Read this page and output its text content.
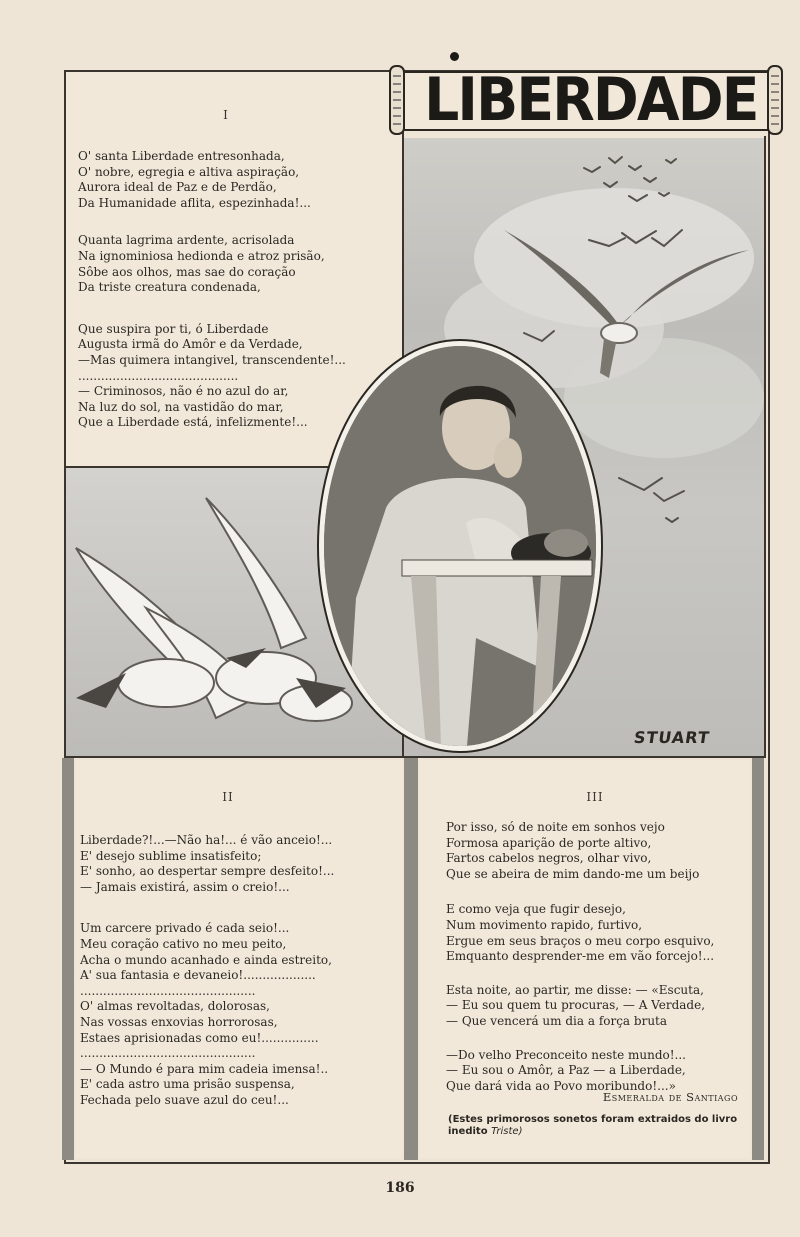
I
O' santa Liberdade entresonhada,
O' nobre, egregia e altiva aspiração,
Aurora ideal de Paz e de Perdão,
Da Humanidade aflita, espezinhada!...
Quanta lagrima ardente, acrisolada
Na ignominiosa hedionda e atroz prisão,
Sôbe aos olhos, mas sae do coração
Da triste creatura condenada,
Que suspira por ti, ó Liberdade
Augusta irmã do Amôr e da Verdade,
—Mas quimera intangivel, transcendente!...
..........................................
— Criminosos, não é no azul do ar,
Na luz do sol, na vastidão do mar,
Que a Liberdade está, infelizmente!...
LIBERDADE
STUART
II
Liberdade?!...—Não ha!... é vão anceio!...
E' desejo sublime insatisfeito;
E' sonho, ao despertar sempre desfeito!...
— Jamais existirá, assim o creio!...
Um carcere privado é cada seio!...
Meu coração cativo no meu peito,
Acha o mundo acanhado e ainda estreito,
A' sua fantasia e devaneio!...................
..............................................
O' almas revoltadas, dolorosas,
Nas vossas enxovias horrorosas,
Estaes aprisionadas como eu!...............
..............................................
— O Mundo é para mim cadeia imensa!..
E' cada astro uma prisão suspensa,
Fechada pelo suave azul do ceu!...
III
Por isso, só de noite em sonhos vejo
Formosa aparição de porte altivo,
Fartos cabelos negros, olhar vivo,
Que se abeira de mim dando-me um beijo
E como veja que fugir desejo,
Num movimento rapido, furtivo,
Ergue em seus braços o meu corpo esquivo,
Emquanto desprender-me em vão forcejo!...
Esta noite, ao partir, me disse: — «Escuta,
— Eu sou quem tu procuras, — A Verdade,
— Que vencerá um dia a força bruta
—Do velho Preconceito neste mundo!...
— Eu sou o Amôr, a Paz — a Liberdade,
Que dará vida ao Povo moribundo!...»
Esmeralda de Santiago
(Estes primorosos sonetos foram extraidos do livro inedito Triste)
186
